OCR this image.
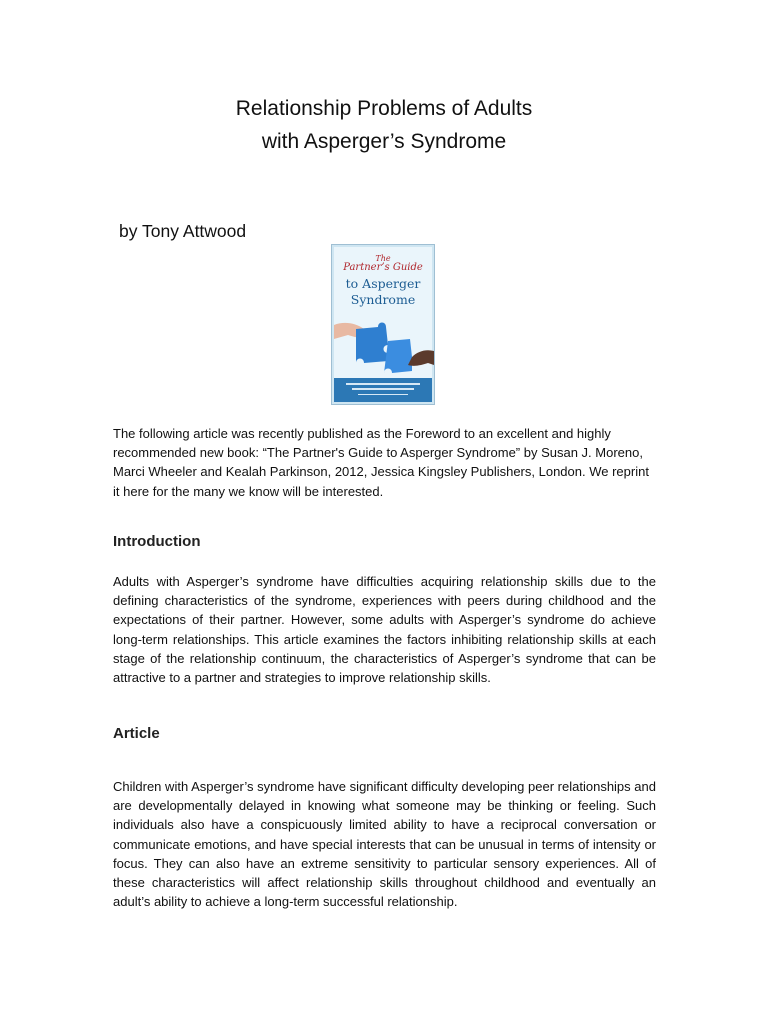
Relationship Problems of Adults
with Asperger’s Syndrome
by Tony Attwood
The
Partner’s Guide
to Asperger
Syndrome

The following article was recently published as the Foreword to an excellent and highly recommended new book: “The Partner's Guide to Asperger Syndrome” by Susan J. Moreno, Marci Wheeler and Kealah Parkinson, 2012, Jessica Kingsley Publishers, London. We reprint it here for the many we know will be interested.

Introduction

Adults with Asperger’s syndrome have difficulties acquiring relationship skills due to the defining characteristics of the syndrome, experiences with peers during childhood and the expectations of their partner. However, some adults with Asperger’s syndrome do achieve long-term relationships. This article examines the factors inhibiting relationship skills at each stage of the relationship continuum, the characteristics of Asperger’s syndrome that can be attractive to a partner and strategies to improve relationship skills.

Article

Children with Asperger’s syndrome have significant difficulty developing peer relationships and are developmentally delayed in knowing what someone may be thinking or feeling. Such individuals also have a conspicuously limited ability to have a reciprocal conversation or communicate emotions, and have special interests that can be unusual in terms of intensity or focus. They can also have an extreme sensitivity to particular sensory experiences. All of these characteristics will affect relationship skills throughout childhood and eventually an adult’s ability to achieve a long-term successful relationship.
